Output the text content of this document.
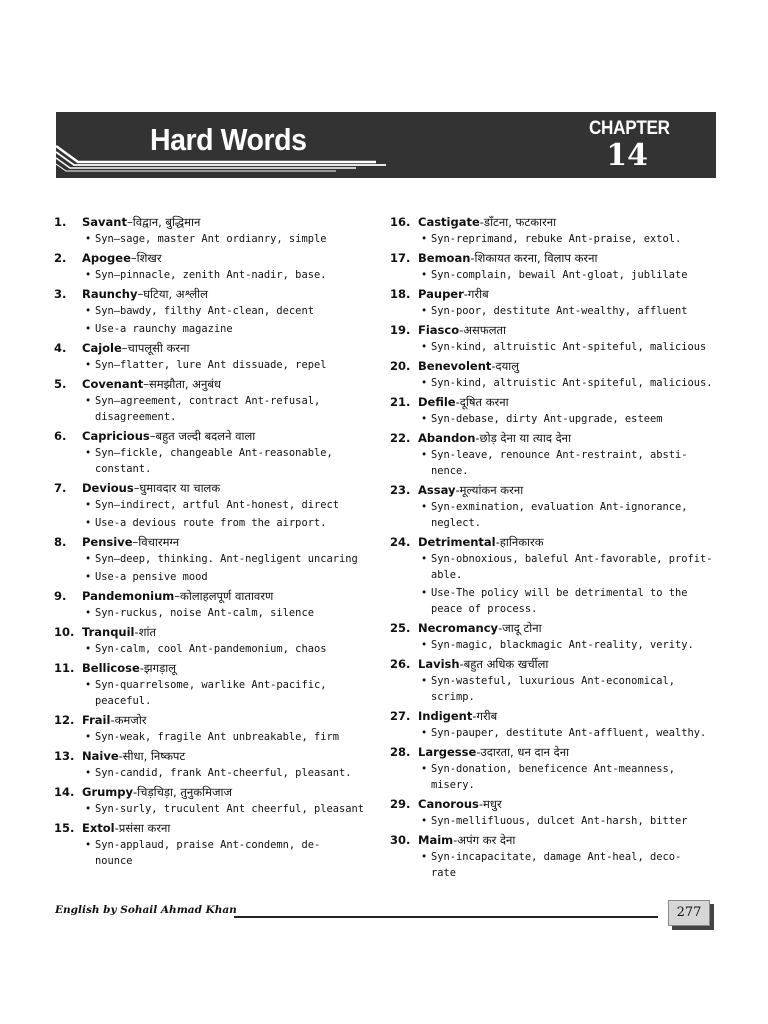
Hard Words	CHAPTER
14
1.	Savant –विद्वान, बुद्धिमान
• Syn–sage, master Ant ordianry, simple
2.	Apogee –शिखर
• Syn–pinnacle, zenith Ant-nadir, base.
3.	Raunchy –घटिया, अश्लील
• Syn–bawdy, filthy Ant-clean, decent
• Use-a raunchy magazine
4.	Cajole –चापलूसी करना
• Syn–flatter, lure Ant dissuade, repel
5.	Covenant –समझौता, अनुबंध
• Syn–agreement, contract Ant-refusal,
disagreement.
6.	Capricious –बहुत जल्दी बदलने वाला
• Syn–fickle, changeable Ant-reasonable,
constant.
7.	Devious –घुमावदार या चालक
• Syn–indirect, artful Ant-honest, direct
• Use-a devious route from the airport.
8.	Pensive –विचारमग्न
• Syn–deep, thinking. Ant-negligent uncaring
• Use-a pensive mood
9.	Pandemonium –कोलाहलपूर्ण वातावरण
• Syn-ruckus, noise Ant-calm, silence
10. Tranquil -शांत
• Syn-calm, cool Ant-pandemonium, chaos
11. Bellicose -झगड़ालू
• Syn-quarrelsome, warlike Ant-pacific,
peaceful.
12. Frail -कमजोर
• Syn-weak, fragile Ant unbreakable, firm
13. Naive -सीधा, निष्कपट
• Syn-candid, frank Ant-cheerful, pleasant.
14. Grumpy -चिड़चिड़ा, तुनुकमिजाज
• Syn-surly, truculent Ant cheerful, pleasant
15. Extol -प्रसंसा करना
• Syn-applaud, praise Ant-condemn, de-
nounce
16. Castigate -डाँटना, फटकारना
• Syn-reprimand, rebuke Ant-praise, extol.
17. Bemoan -शिकायत करना, विलाप करना
• Syn-complain, bewail Ant-gloat, jublilate
18. Pauper -गरीब
• Syn-poor, destitute Ant-wealthy, affluent
19. Fiasco -असफलता
• Syn-kind, altruistic Ant-spiteful, malicious
20. Benevolent -दयालु
• Syn-kind, altruistic Ant-spiteful, malicious.
21. Defile -दूषित करना
• Syn-debase, dirty Ant-upgrade, esteem
22. Abandon -छोड़ देना या त्याद देना
• Syn-leave, renounce Ant-restraint, absti-
nence.
23. Assay -मूल्यांकन करना
• Syn-exmination, evaluation Ant-ignorance,
neglect.
24. Detrimental -हानिकारक
• Syn-obnoxious, baleful Ant-favorable, profit-
able.
• Use-The policy will be detrimental to the
peace of process.
25. Necromancy -जादू टोना
• Syn-magic, blackmagic Ant-reality, verity.
26. Lavish -बहुत अधिक खर्चीला
• Syn-wasteful, luxurious Ant-economical,
scrimp.
27. Indigent -गरीब
• Syn-pauper, destitute Ant-affluent, wealthy.
28. Largesse -उदारता, धन दान देना
• Syn-donation, beneficence Ant-meanness,
misery.
29. Canorous -मधुर
• Syn-mellifluous, dulcet Ant-harsh, bitter
30. Maim -अपंग कर देना
• Syn-incapacitate, damage Ant-heal, deco-
rate
English by Sohail Ahmad Khan	277
